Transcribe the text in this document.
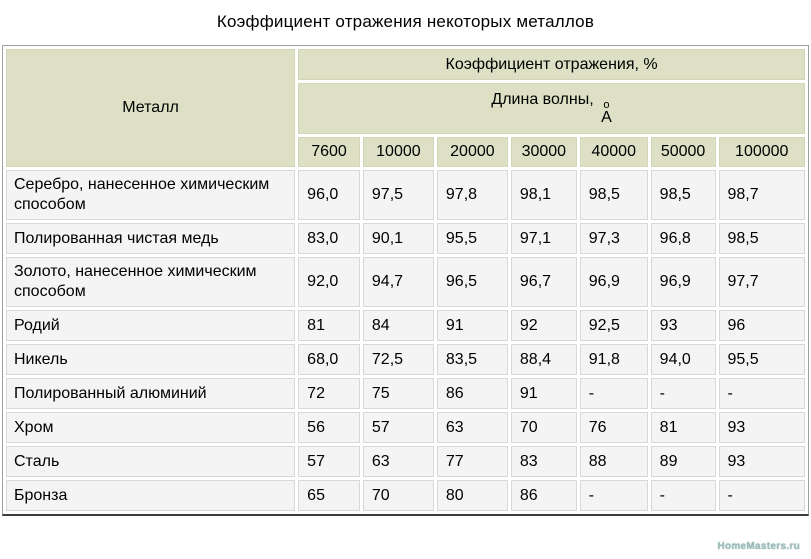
Коэффициент отражения некоторых металлов
Металл	Коэффициент отражения, %						
	Длина волны, о
А						

	7600	10000	20000	30000	40000	50000	100000
Серебро, нанесенное химическим способом	96,0	97,5	97,8	98,1	98,5	98,5	98,7
Полированная чистая медь	83,0	90,1	95,5	97,1	97,3	96,8	98,5
Золото, нанесенное химическим способом	92,0	94,7	96,5	96,7	96,9	96,9	97,7
Родий	81	84	91	92	92,5	93	96
Никель	68,0	72,5	83,5	88,4	91,8	94,0	95,5
Полированный алюминий	72	75	86	91	-	-	-
Хром	56	57	63	70	76	81	93
Сталь	57	63	77	83	88	89	93
Бронза	65	70	80	86	-	-	-
HomeMasters.ru
